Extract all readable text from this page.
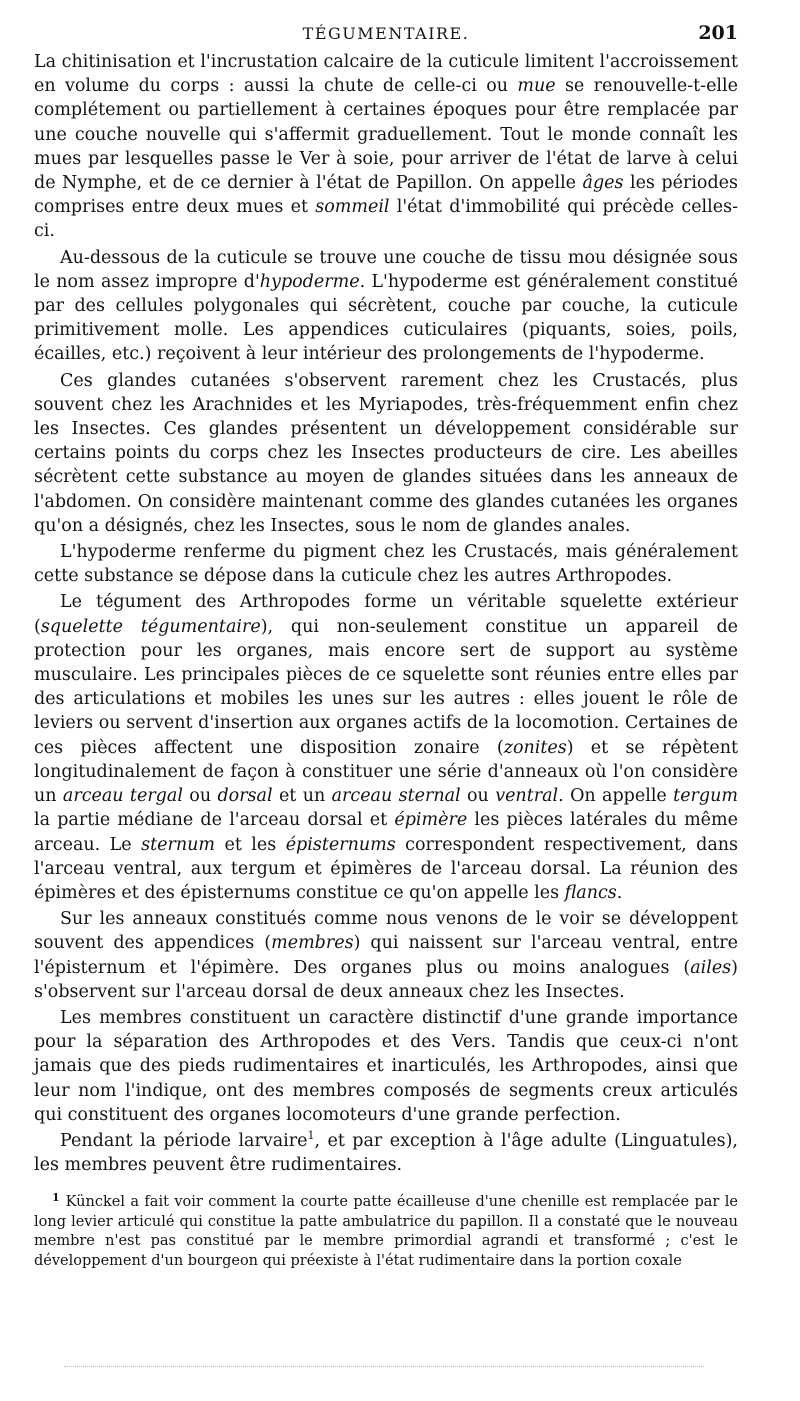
TÉGUMENTAIRE.	201

La chitinisation et l'incrustation calcaire de la cuticule limitent l'accroissement en volume du corps : aussi la chute de celle-ci ou mue se renouvelle-t-elle complétement ou partiellement à certaines époques pour être remplacée par une couche nouvelle qui s'affermit graduellement. Tout le monde connaît les mues par lesquelles passe le Ver à soie, pour arriver de l'état de larve à celui de Nymphe, et de ce dernier à l'état de Papillon. On appelle âges les périodes comprises entre deux mues et sommeil l'état d'immobilité qui précède celles-ci.

Au-dessous de la cuticule se trouve une couche de tissu mou désignée sous le nom assez impropre d'hypoderme. L'hypoderme est généralement constitué par des cellules polygonales qui sécrètent, couche par couche, la cuticule primitivement molle. Les appendices cuticulaires (piquants, soies, poils, écailles, etc.) reçoivent à leur intérieur des prolongements de l'hypoderme.

Ces glandes cutanées s'observent rarement chez les Crustacés, plus souvent chez les Arachnides et les Myriapodes, très-fréquemment enfin chez les Insectes. Ces glandes présentent un développement considérable sur certains points du corps chez les Insectes producteurs de cire. Les abeilles sécrètent cette substance au moyen de glandes situées dans les anneaux de l'abdomen. On considère maintenant comme des glandes cutanées les organes qu'on a désignés, chez les Insectes, sous le nom de glandes anales.

L'hypoderme renferme du pigment chez les Crustacés, mais généralement cette substance se dépose dans la cuticule chez les autres Arthropodes.

Le tégument des Arthropodes forme un véritable squelette extérieur (squelette tégumentaire), qui non-seulement constitue un appareil de protection pour les organes, mais encore sert de support au système musculaire. Les principales pièces de ce squelette sont réunies entre elles par des articulations et mobiles les unes sur les autres : elles jouent le rôle de leviers ou servent d'insertion aux organes actifs de la locomotion. Certaines de ces pièces affectent une disposition zonaire (zonites) et se répètent longitudinalement de façon à constituer une série d'anneaux où l'on considère un arceau tergal ou dorsal et un arceau sternal ou ventral. On appelle tergum la partie médiane de l'arceau dorsal et épimère les pièces latérales du même arceau. Le sternum et les épisternums correspondent respectivement, dans l'arceau ventral, aux tergum et épimères de l'arceau dorsal. La réunion des épimères et des épisternums constitue ce qu'on appelle les flancs.

Sur les anneaux constitués comme nous venons de le voir se développent souvent des appendices (membres) qui naissent sur l'arceau ventral, entre l'épisternum et l'épimère. Des organes plus ou moins analogues (ailes) s'observent sur l'arceau dorsal de deux anneaux chez les Insectes.

Les membres constituent un caractère distinctif d'une grande importance pour la séparation des Arthropodes et des Vers. Tandis que ceux-ci n'ont jamais que des pieds rudimentaires et inarticulés, les Arthropodes, ainsi que leur nom l'indique, ont des membres composés de segments creux articulés qui constituent des organes locomoteurs d'une grande perfection.

Pendant la période larvaire$^1$, et par exception à l'âge adulte (Linguatules), les membres peuvent être rudimentaires.

$^1$ Künckel a fait voir comment la courte patte écailleuse d'une chenille est remplacée par le long levier articulé qui constitue la patte ambulatrice du papillon. Il a constaté que le nouveau membre n'est pas constitué par le membre primordial agrandi et transformé ; c'est le développement d'un bourgeon qui préexiste à l'état rudimentaire dans la portion coxale
